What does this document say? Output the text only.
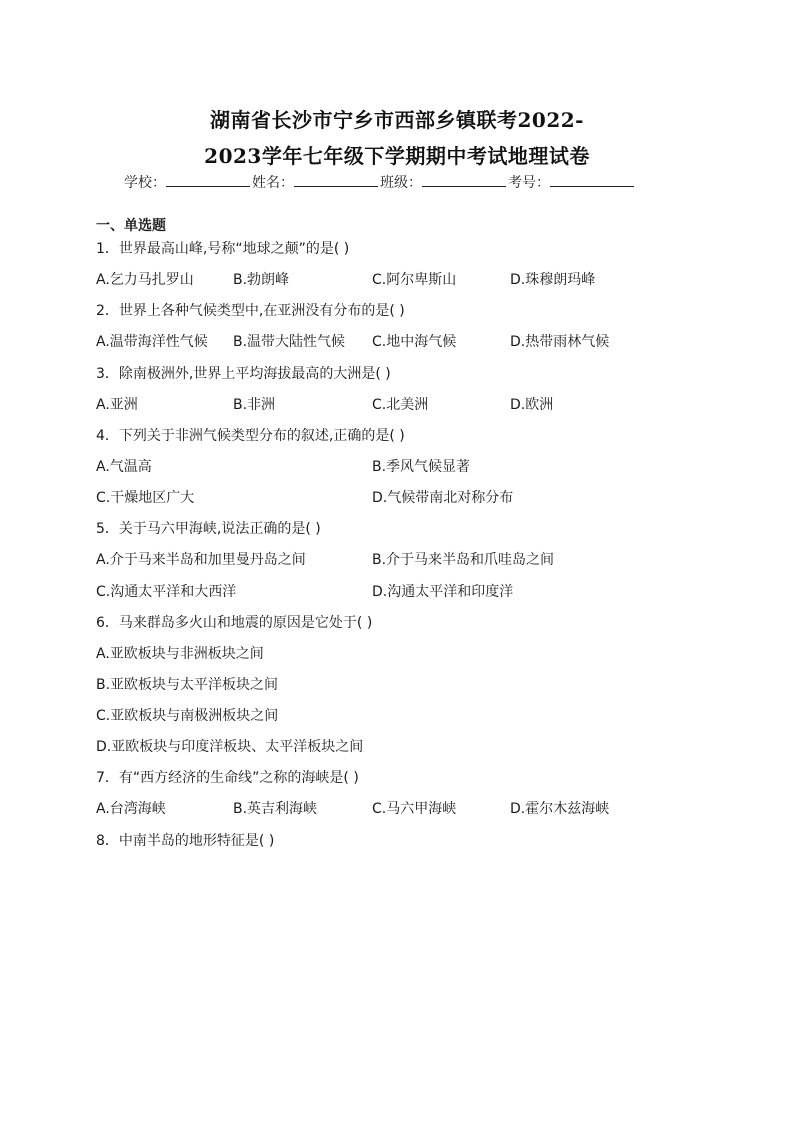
湖南省长沙市宁乡市西部乡镇联考2022-
2023学年七年级下学期期中考试地理试卷
学校：	姓名：	班级：	考号：
一、单选题
1．世界最高山峰,号称“地球之颠”的是( )
A.乞力马扎罗山	B.勃朗峰	C.阿尔卑斯山	D.珠穆朗玛峰
2．世界上各种气候类型中,在亚洲没有分布的是( )
A.温带海洋性气候 B.温带大陆性气候 C.地中海气候	D.热带雨林气候
3．除南极洲外,世界上平均海拔最高的大洲是( )
A.亚洲	B.非洲	C.北美洲	D.欧洲
4．下列关于非洲气候类型分布的叙述,正确的是( )
A.气温高	B.季风气候显著
C.干燥地区广大	D.气候带南北对称分布
5．关于马六甲海峡,说法正确的是( )
A.介于马来半岛和加里曼丹岛之间	B.介于马来半岛和爪哇岛之间
C.沟通太平洋和大西洋	D.沟通太平洋和印度洋
6．马来群岛多火山和地震的原因是它处于( )
A.亚欧板块与非洲板块之间
B.亚欧板块与太平洋板块之间
C.亚欧板块与南极洲板块之间
D.亚欧板块与印度洋板块、太平洋板块之间
7．有“西方经济的生命线”之称的海峡是( )
A.台湾海峡	B.英吉利海峡	C.马六甲海峡	D.霍尔木兹海峡
8．中南半岛的地形特征是( )
